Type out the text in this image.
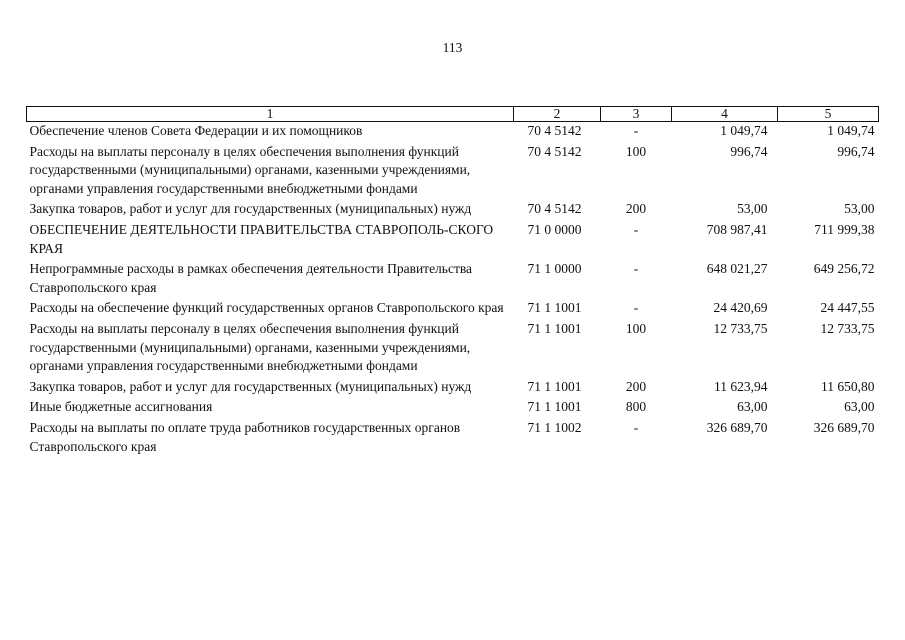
113
1	2	3	4	5
Обеспечение членов Совета Федерации и их помощников	70 4 5142	-	1 049,74	1 049,74
Расходы на выплаты персоналу в целях обеспечения выполнения функций государственными (муниципальными) органами, казенными учреждениями, органами управления государственными внебюджетными фондами	70 4 5142	100	996,74	996,74
Закупка товаров, работ и услуг для государственных (муниципальных) нужд	70 4 5142	200	53,00	53,00
ОБЕСПЕЧЕНИЕ ДЕЯТЕЛЬНОСТИ ПРАВИТЕЛЬСТВА СТАВРОПОЛЬ-СКОГО КРАЯ	71 0 0000	-	708 987,41	711 999,38
Непрограммные расходы в рамках обеспечения деятельности Правительства Ставропольского края	71 1 0000	-	648 021,27	649 256,72
Расходы на обеспечение функций государственных органов Ставропольского края	71 1 1001	-	24 420,69	24 447,55
Расходы на выплаты персоналу в целях обеспечения выполнения функций государственными (муниципальными) органами, казенными учреждениями, органами управления государственными внебюджетными фондами	71 1 1001	100	12 733,75	12 733,75
Закупка товаров, работ и услуг для государственных (муниципальных) нужд	71 1 1001	200	11 623,94	11 650,80
Иные бюджетные ассигнования	71 1 1001	800	63,00	63,00
Расходы на выплаты по оплате труда работников государственных органов Ставропольского края	71 1 1002	-	326 689,70	326 689,70
